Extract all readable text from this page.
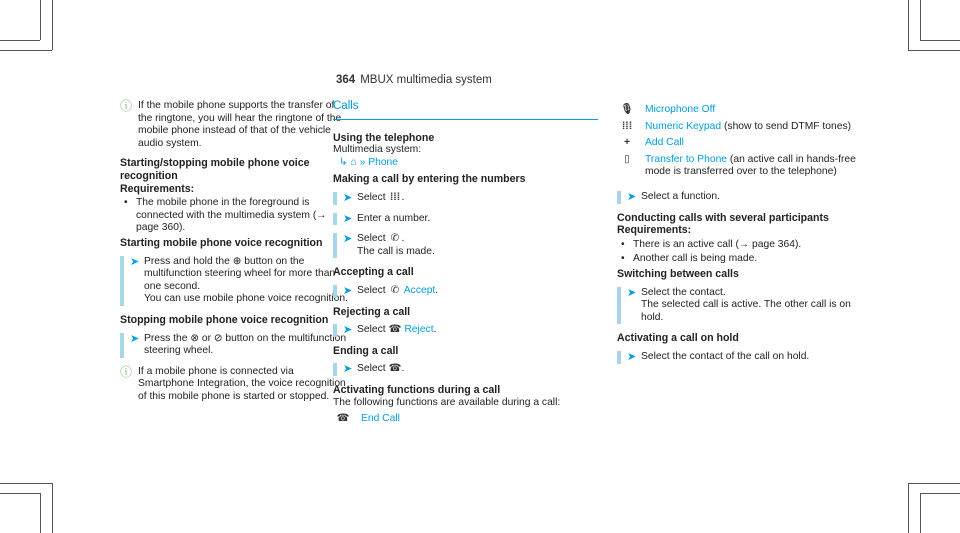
364 MBUX multimedia system
ⓘ If the mobile phone supports the transfer of the ringtone, you will hear the ringtone of the mobile phone instead of that of the vehicle audio system.
Starting/stopping mobile phone voice recognition
Requirements:
• The mobile phone in the foreground is connected with the multimedia system (→ page 360).
Starting mobile phone voice recognition
➤ Press and hold the ⊕ button on the multifunction steering wheel for more than one second.
You can use mobile phone voice recognition.
Stopping mobile phone voice recognition
➤ Press the ⊗ or ⊘ button on the multifunction steering wheel.
ⓘ If a mobile phone is connected via Smartphone Integration, the voice recognition of this mobile phone is started or stopped.
Calls
Using the telephone
Multimedia system:
↳ ⌂ » Phone
Making a call by entering the numbers
➤ Select ⁞⁞⁞.
➤ Enter a number.
➤ Select ✆ .
The call is made.
Accepting a call
➤ Select ✆ Accept.
Rejecting a call
➤ Select ☎ Reject.
Ending a call
➤ Select ☎.
Activating functions during a call
The following functions are available during a call:
☎	End Call
🎙	Microphone Off
⁞⁞⁞	Numeric Keypad (show to send DTMF tones)
+	Add Call
▯	Transfer to Phone (an active call in hands-free mode is transferred over to the telephone)
➤ Select a function.
Conducting calls with several participants
Requirements:
• There is an active call (→ page 364).
• Another call is being made.
Switching between calls
➤ Select the contact.
The selected call is active. The other call is on hold.
Activating a call on hold
➤ Select the contact of the call on hold.
